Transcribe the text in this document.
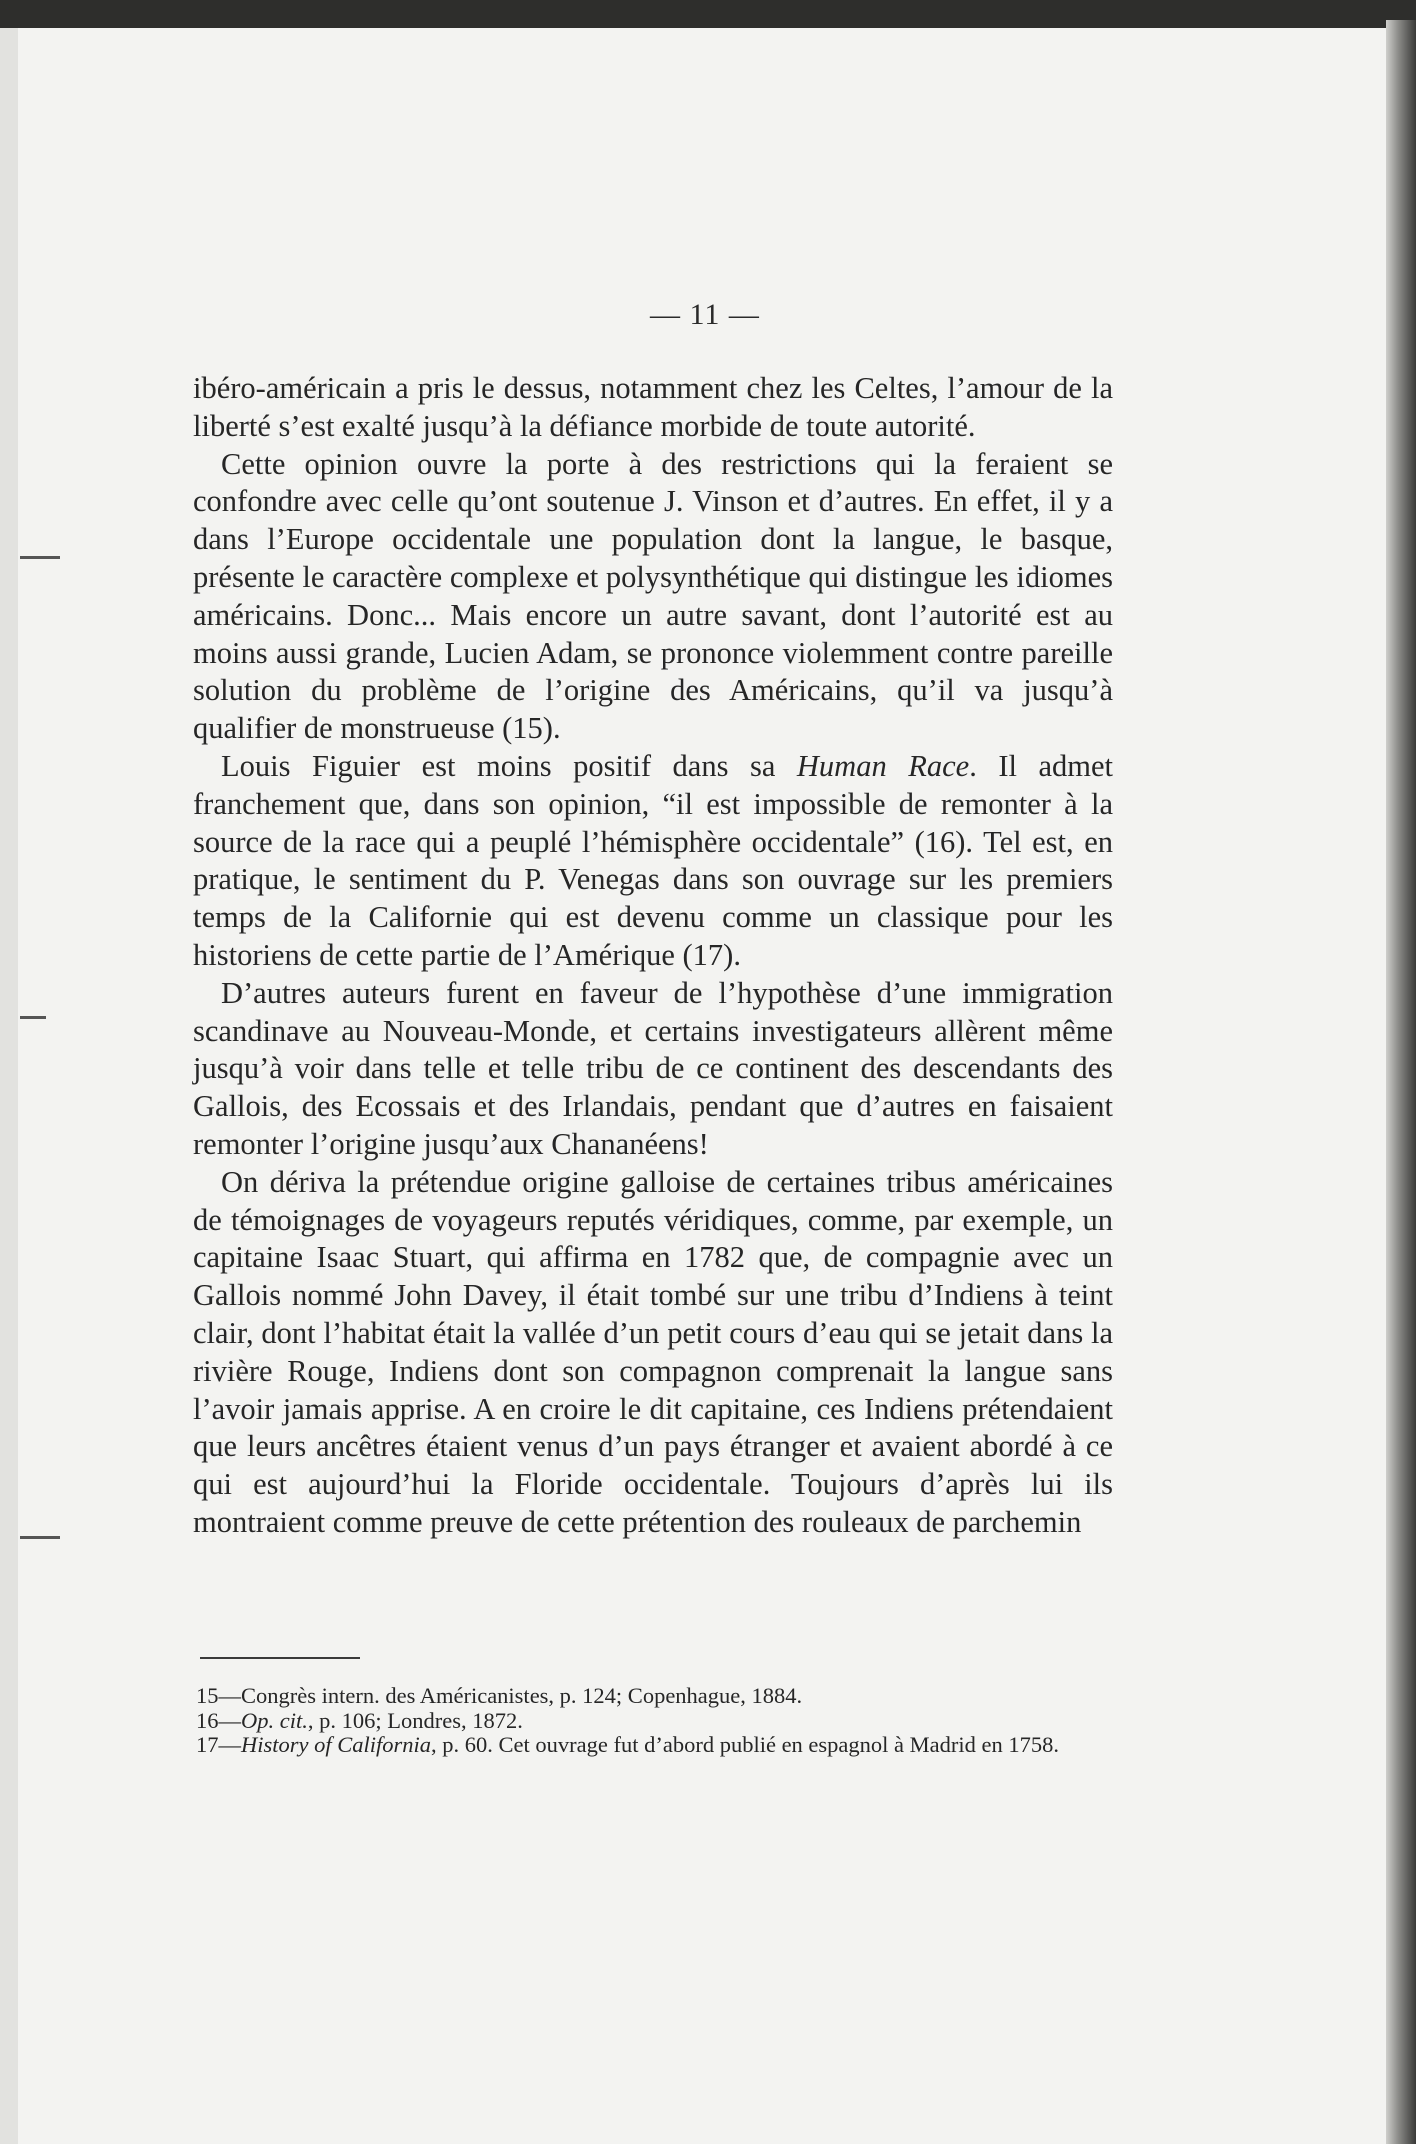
— 11 —

ibéro-américain a pris le dessus, notamment chez les Celtes, l’amour de la liberté s’est exalté jusqu’à la défiance morbide de toute autorité.

Cette opinion ouvre la porte à des restrictions qui la feraient se confondre avec celle qu’ont soutenue J. Vinson et d’autres. En effet, il y a dans l’Europe occidentale une population dont la langue, le basque, présente le caractère complexe et polysynthétique qui distingue les idiomes américains. Donc... Mais encore un autre savant, dont l’autorité est au moins aussi grande, Lucien Adam, se prononce violemment contre pareille solution du problème de l’origine des Américains, qu’il va jusqu’à qualifier de monstrueuse (15).

Louis Figuier est moins positif dans sa Human Race. Il admet franchement que, dans son opinion, “il est impossible de remonter à la source de la race qui a peuplé l’hémisphère occidentale” (16). Tel est, en pratique, le sentiment du P. Venegas dans son ouvrage sur les premiers temps de la Californie qui est devenu comme un classique pour les historiens de cette partie de l’Amérique (17).

D’autres auteurs furent en faveur de l’hypothèse d’une immigration scandinave au Nouveau-Monde, et certains investigateurs allèrent même jusqu’à voir dans telle et telle tribu de ce continent des descendants des Gallois, des Ecossais et des Irlandais, pendant que d’autres en faisaient remonter l’origine jusqu’aux Chananéens!

On dériva la prétendue origine galloise de certaines tribus américaines de témoignages de voyageurs reputés véridiques, comme, par exemple, un capitaine Isaac Stuart, qui affirma en 1782 que, de compagnie avec un Gallois nommé John Davey, il était tombé sur une tribu d’Indiens à teint clair, dont l’habitat était la vallée d’un petit cours d’eau qui se jetait dans la rivière Rouge, Indiens dont son compagnon comprenait la langue sans l’avoir jamais apprise. A en croire le dit capitaine, ces Indiens prétendaient que leurs ancêtres étaient venus d’un pays étranger et avaient abordé à ce qui est aujourd’hui la Floride occidentale. Toujours d’après lui ils montraient comme preuve de cette prétention des rouleaux de parchemin

15—Congrès intern. des Américanistes, p. 124; Copenhague, 1884.
16—Op. cit., p. 106; Londres, 1872.
17—History of California, p. 60. Cet ouvrage fut d’abord publié en espagnol à Madrid en 1758.
